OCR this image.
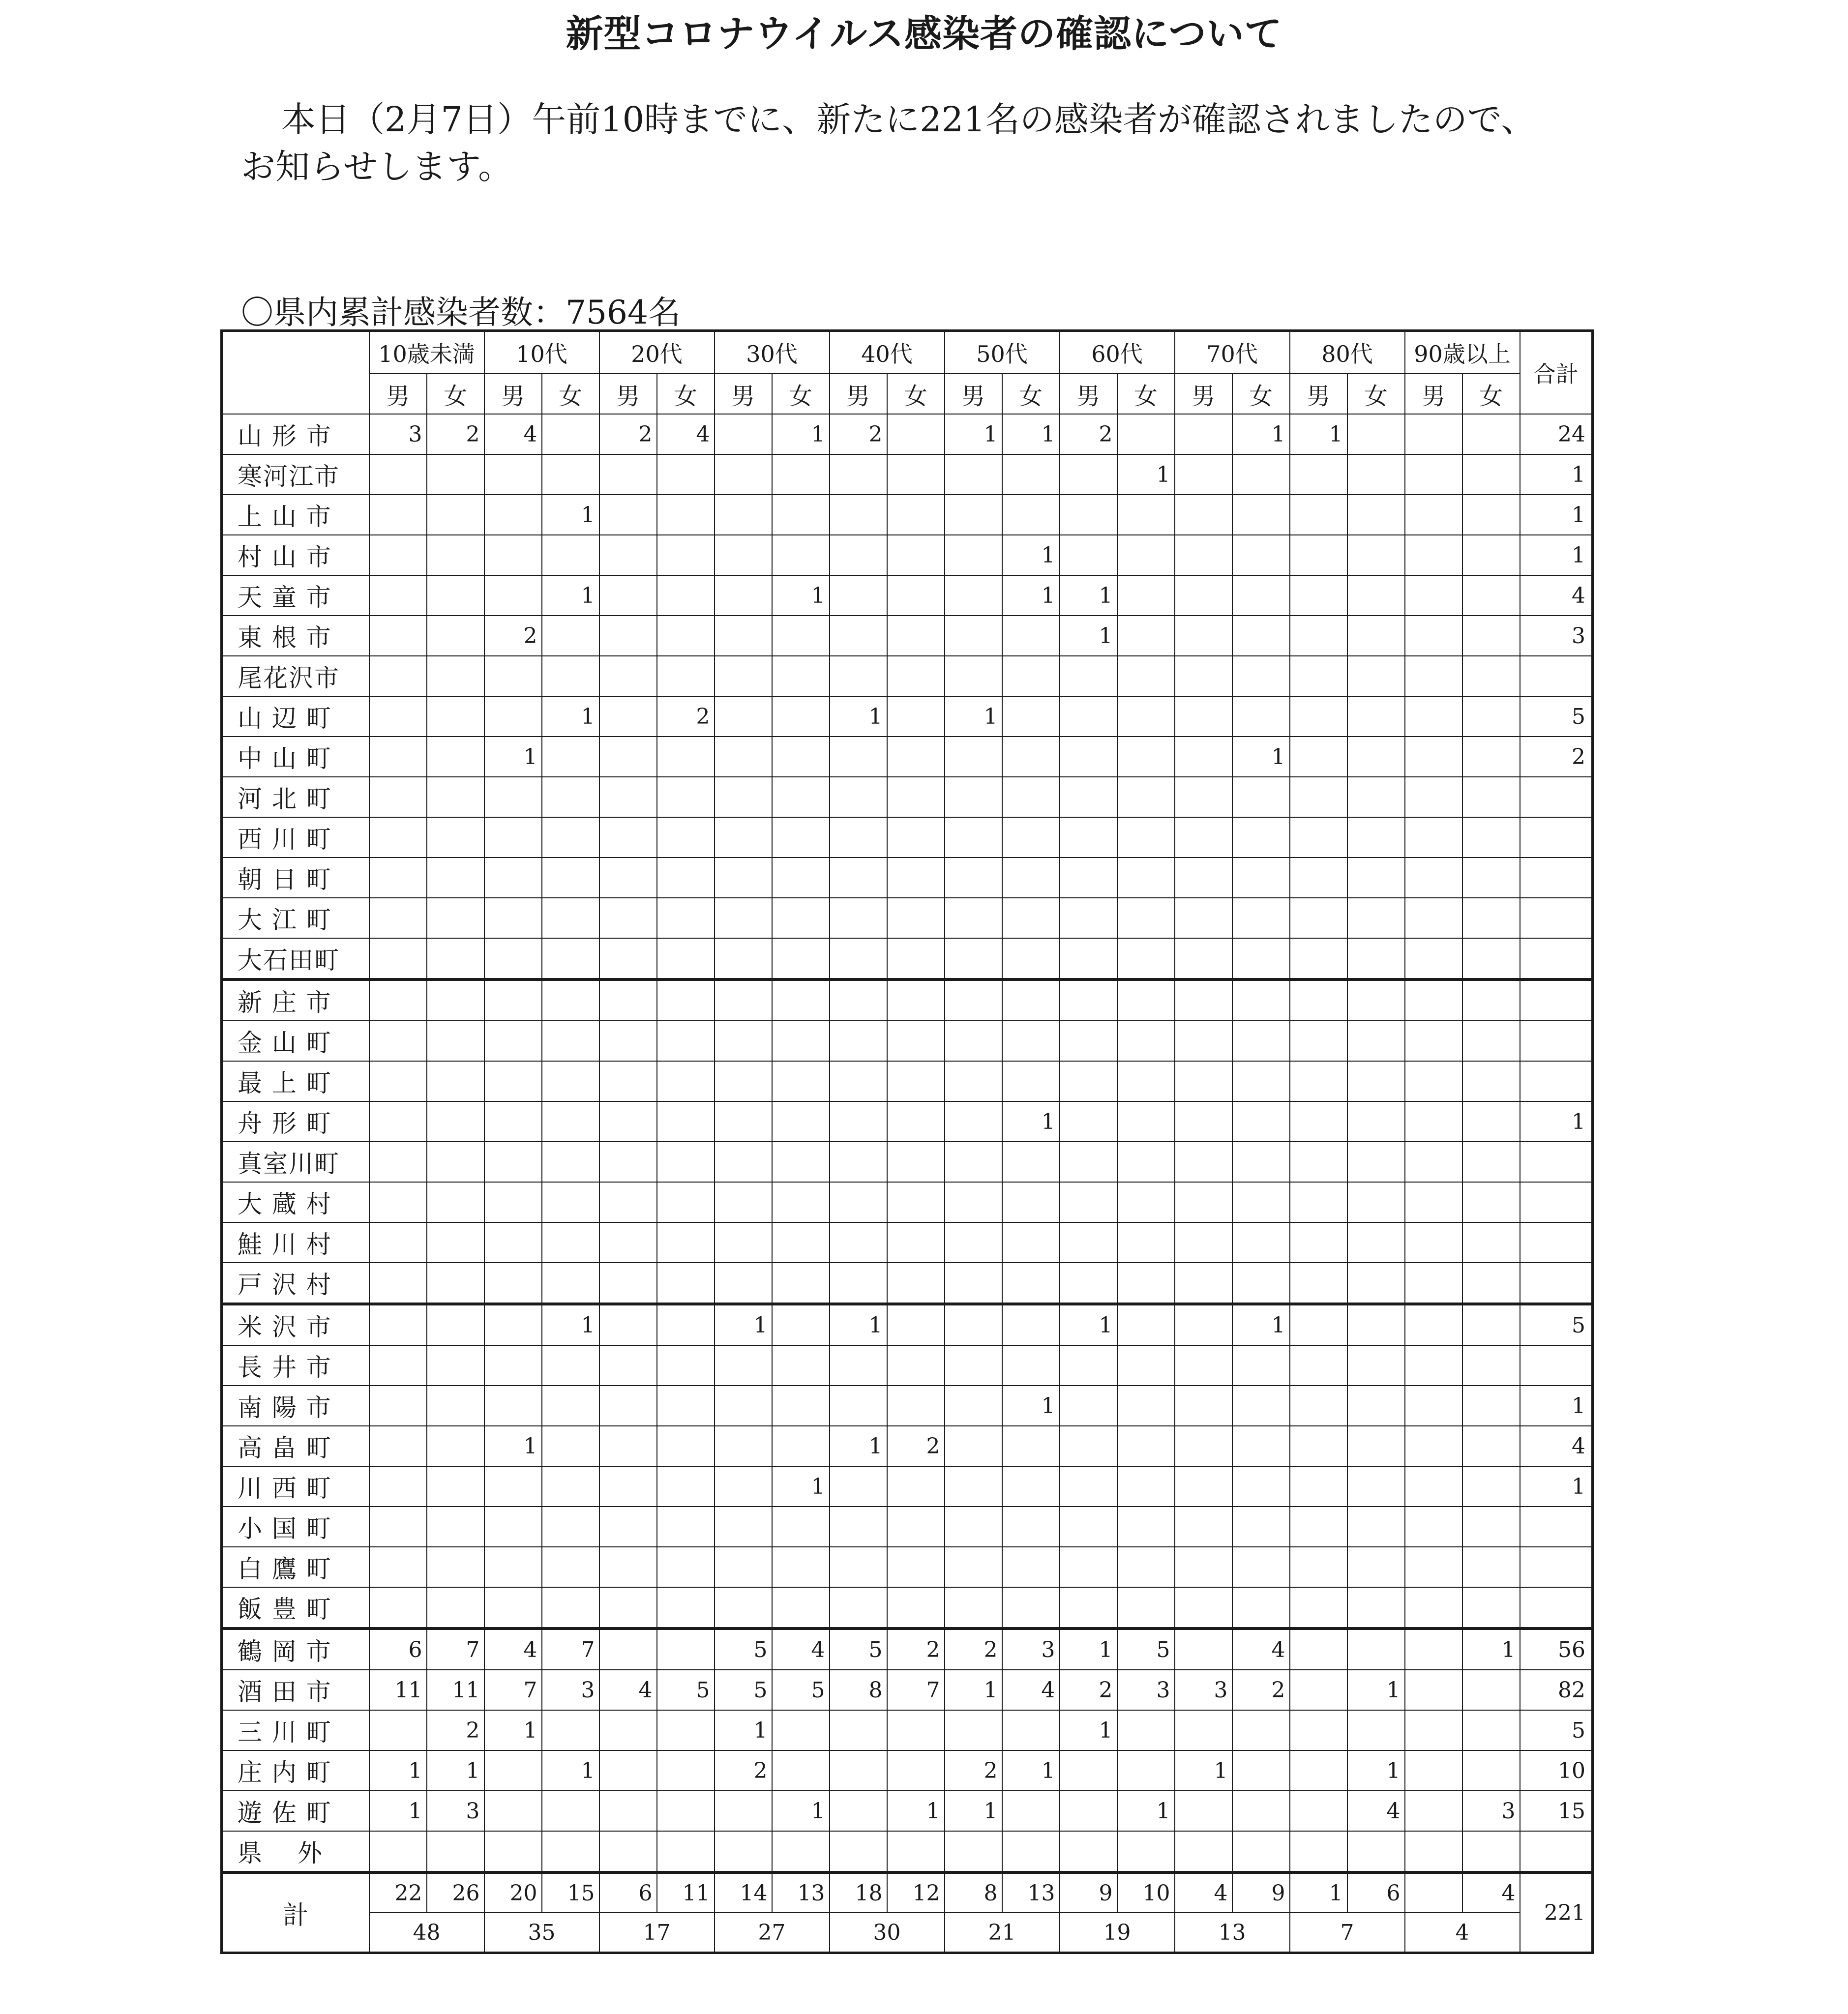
新型コロナウイルス感染者の確認について

本日（2月7日）午前10時までに、新たに221名の感染者が確認されましたので、
お知らせします。

〇県内累計感染者数：7564名
	10歳未満		10代		20代		30代		40代		50代		60代		70代		80代		90歳以上		合計
	男	女	男	女	男	女	男	女	男	女	男	女	男	女	男	女	男	女	男	女	
山 形 市	3	2	4		2	4		1	2		1	1	2			1	1				24
寒河江市														1							1
上 山 市				1																	1
村 山 市												1									1
天 童 市				1				1				1	1								4
東 根 市			2										1								3
尾花沢市																					
山 辺 町				1		2			1		1										5
中 山 町			1													1					2
河 北 町																					
西 川 町																					
朝 日 町																					
大 江 町																					
大石田町																					
新 庄 市																					
金 山 町																					
最 上 町																					
舟 形 町												1									1
真室川町																					
大 蔵 村																					
鮭 川 村																					
戸 沢 村																					
米 沢 市				1			1		1				1			1					5
長 井 市																					
南 陽 市												1									1
高 畠 町			1						1	2											4
川 西 町								1													1
小 国 町																					
白 鷹 町																					
飯 豊 町																					
鶴 岡 市	6	7	4	7			5	4	5	2	2	3	1	5		4				1	56
酒 田 市	11	11	7	3	4	5	5	5	8	7	1	4	2	3	3	2		1			82
三 川 町		2	1				1						1								5
庄 内 町	1	1		1			2				2	1			1			1			10
遊 佐 町	1	3						1		1	1			1				4		3	15
県　 外																					
計	22	26	20	15	6	11	14	13	18	12	8	13	9	10	4	9	1	6		4	221
	48		35		17		27		30		21		19		13		7		4		
